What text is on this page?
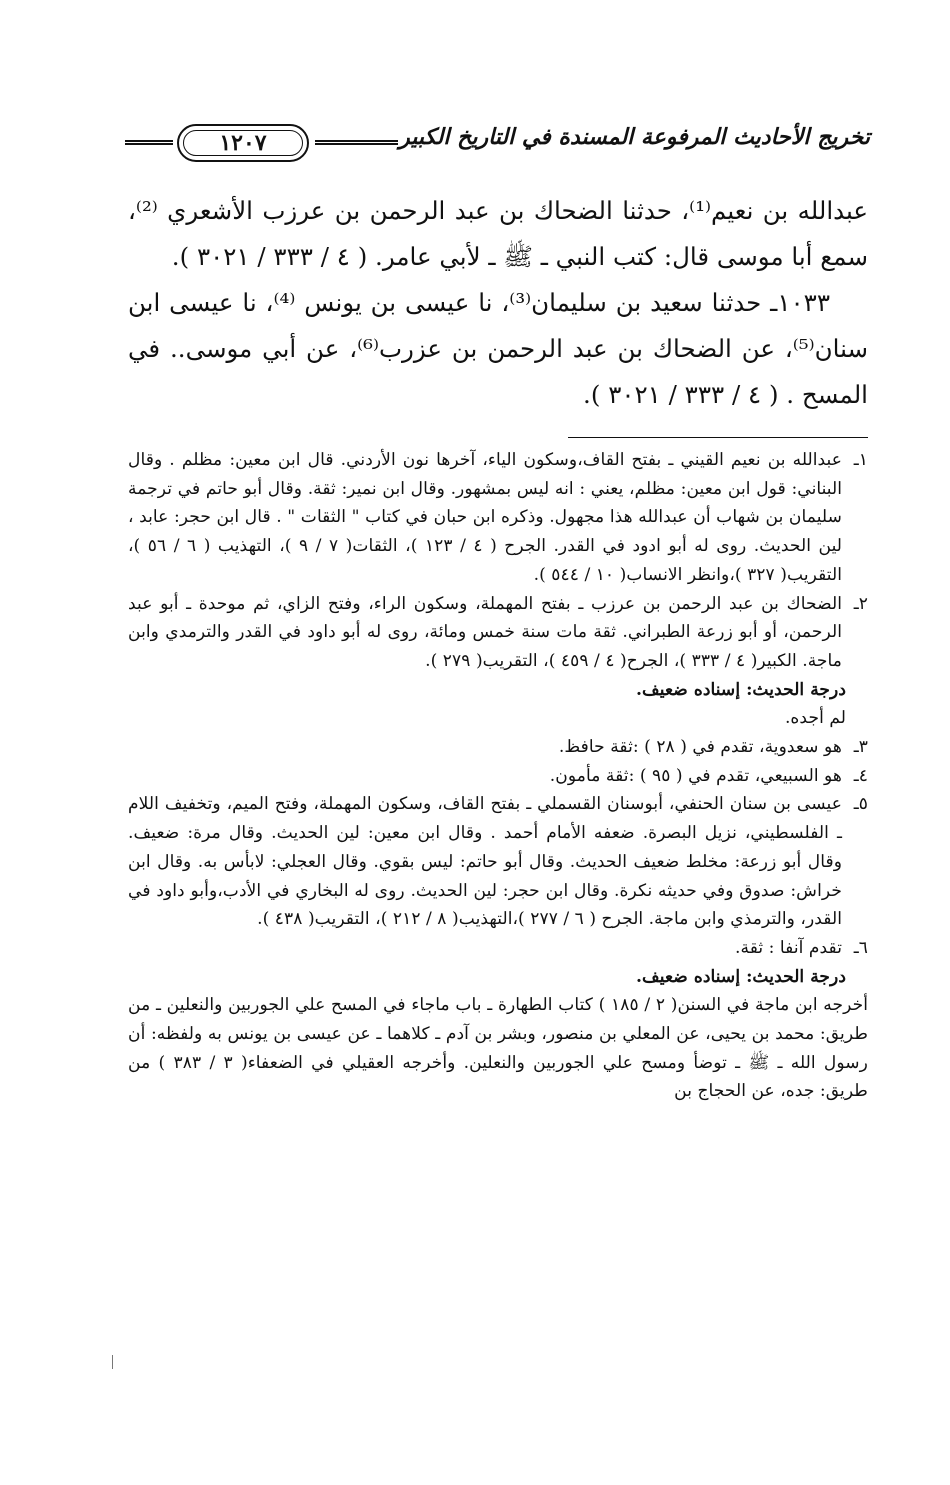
تخريج الأحاديث المرفوعة المسندة في التاريخ الكبير
١٢٠٧

عبدالله بن نعيم⁽¹⁾، حدثنا الضحاك بن عبد الرحمن بن عرزب الأشعري ⁽²⁾، سمع أبا موسى قال: كتب النبي ـ ﷺ ـ لأبي عامر. ( ٤ / ٣٣٣ / ٣٠٢١ ).

١٠٣٣ـ حدثنا سعيد بن سليمان⁽³⁾، نا عيسى بن يونس ⁽⁴⁾، نا عيسى ابن سنان⁽⁵⁾، عن الضحاك بن عبد الرحمن بن عزرب⁽⁶⁾، عن أبي موسى.. في المسح . ( ٤ / ٣٣٣ / ٣٠٢١ ).

١ـ
عبدالله بن نعيم القيني ـ بفتح القاف،وسكون الياء، آخرها نون الأردني. قال ابن معين: مظلم . وقال البناني: قول ابن معين: مظلم، يعني : انه ليس بمشهور. وقال ابن نمير: ثقة. وقال أبو حاتم في ترجمة سليمان بن شهاب أن عبدالله هذا مجهول. وذكره ابن حبان في كتاب " الثقات " . قال ابن حجر: عابد ، لين الحديث. روى له أبو ادود في القدر. الجرح ( ٤ / ١٢٣ )، الثقات( ٧ / ٩ )، التهذيب ( ٦ / ٥٦ )، التقريب( ٣٢٧ )،وانظر الانساب( ١٠ / ٥٤٤ ).
٢ـ
الضحاك بن عبد الرحمن بن عرزب ـ بفتح المهملة، وسكون الراء، وفتح الزاي، ثم موحدة ـ أبو عبد الرحمن، أو أبو زرعة الطبراني. ثقة مات سنة خمس ومائة، روى له أبو داود في القدر والترمدي وابن ماجة. الكبير( ٤ / ٣٣٣ )، الجرح( ٤ / ٤٥٩ )، التقريب( ٢٧٩ ).

درجة الحديث: إسناده ضعيف.

لم أجده.

٣ـ
هو سعدوية، تقدم في ( ٢٨ ) :ثقة حافظ.
٤ـ
هو السبيعي، تقدم في ( ٩٥ ) :ثقة مأمون.
٥ـ
عيسى بن سنان الحنفي، أبوسنان القسملي ـ بفتح القاف، وسكون المهملة، وفتح الميم، وتخفيف اللام ـ الفلسطيني، نزيل البصرة. ضعفه الأمام أحمد . وقال ابن معين: لين الحديث. وقال مرة: ضعيف. وقال أبو زرعة: مخلط ضعيف الحديث. وقال أبو حاتم: ليس بقوي. وقال العجلي: لابأس به. وقال ابن خراش: صدوق وفي حديثه نكرة. وقال ابن حجر: لين الحديث. روى له البخاري في الأدب،وأبو داود في القدر، والترمذي وابن ماجة. الجرح ( ٦ / ٢٧٧ )،التهذيب( ٨ / ٢١٢ )، التقريب( ٤٣٨ ).
٦ـ
تقدم آنفا : ثقة.

درجة الحديث: إسناده ضعيف.

أخرجه ابن ماجة في السنن( ٢ / ١٨٥ ) كتاب الطهارة ـ باب ماجاء في المسح علي الجوربين والنعلين ـ من طريق: محمد بن يحيى، عن المعلي بن منصور، وبشر بن آدم ـ كلاهما ـ عن عيسى بن يونس به ولفظه: أن رسول الله ـ ﷺ ـ توضأ ومسح علي الجوربين والنعلين. وأخرجه العقيلي في الضعفاء( ٣ / ٣٨٣ ) من طريق: جده، عن الحجاج بن
